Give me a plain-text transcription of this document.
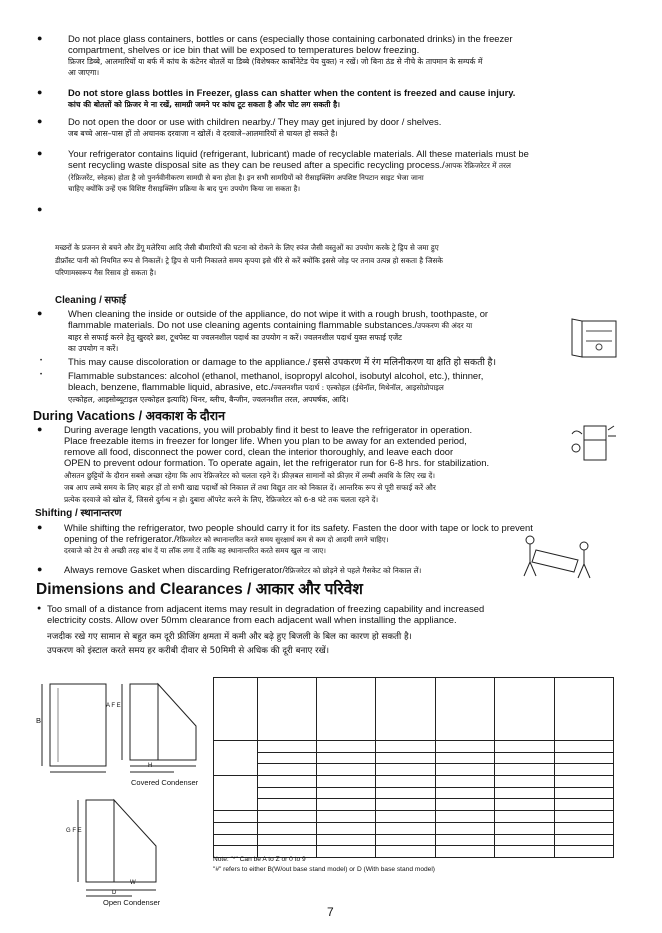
●	Do not place glass containers, bottles or cans (especially those containing carbonated drinks) in the freezer
compartment, shelves or ice bin that will be exposed to temperatures below freezing.
फ्रिजर डिब्बे, आलमारियों या बर्फ में कांच के कंटेनर बोतलें या डिब्बे (विशेषकर कार्बोनेटेड पेय युक्त) न रखें। जो बिना ठंड से नीचे के तापमान के सम्पर्क में
आ जाएगा।
●	Do not store glass bottles in Freezer, glass can shatter when the content is freezed and cause injury.
कांच की बोतलों को फ्रिजर मे ना रखें, सामग्री जमने पर कांच टूट सकता है और चोट लग सकती है।
●	Do not open the door or use with children nearby./ They may get injured by door / shelves.
जब बच्चे आस–पास हों तो अचानक दरवाजा न खोलें। वे दरवाजे–आलमारियों से घायल हो सकते है।
●	Your refrigerator contains liquid (refrigerant, lubricant) made of recyclable materials. All these materials must be
sent recycling waste disposal site as they can be reused after a specific recycling process./आपक रेफ्रिजरेटर में तरल
(रेफ्रिजरेंट, स्नेहक) होता है जो पुनर्नवीनीकरण सामग्री से बना होता है। इन सभी सामग्रियों को रीसाइक्लिंग अपशिष्ट निपटान साइट भेजा जाना
चाहिए क्योंकि उन्हें एक विशिष्ट रीसाइक्लिंग प्रक्रिया के बाद पुनः उपयोग किया जा सकता है।
●
मच्छरों के प्रजनन से बचने और डेंगू मलेरिया आदि जैसी बीमारियों की घटना को रोकने के लिए स्पंज जैसी वस्तुओं का उपयोग करके ट्रे ड्रिप से जमा हुए
डीफ्रॉस्ट पानी को नियमित रूप से निकालें। ट्रे ड्रिप से पानी निकालते समय कृपया इसे धीरे से करें क्योंकि इससे जोड़ पर तनाव उत्पन्न हो सकता है जिसके
परिणामस्वरूप गैस रिसाव हो सकता है।
Cleaning / सफाई
●	When cleaning the inside or outside of the appliance, do not wipe it with a rough brush, toothpaste, or
flammable materials. Do not use cleaning agents containing flammable substances./उपकरण की अंदर या
बाहर से सफाई करने हेतु खुरदरे ब्रश, टूथपेस्ट या ज्वलनशील पदार्थ का उपयोग न करें। ज्वलनशील पदार्थ युक्त सफाई एजेंट
का उपयोग न करें।
•	This may cause discoloration or damage to the appliance./ इससे उपकरण में रंग मलिनीकरण या क्षति हो सकती है।
•	Flammable substances: alcohol (ethanol, methanol, isopropyl alcohol, isobutyl alcohol, etc.), thinner,
bleach, benzene, flammable liquid, abrasive, etc./ज्वलनशील पदार्थ : एल्कोहल (ईथेनॉल, मिथेनॉल, आइसोप्रोपाइल
एल्कोहल, आइसोब्यूटाइल एल्कोहल इत्यादि) थिनर, ब्लीच, बैन्जीन, ज्वलनशील तरल, अपघर्षक, आदि।
During Vacations / अवकाश के दौरान
● During average length vacations, you will probably find it best to leave the refrigerator in operation.
Place freezable items in freezer for longer life. When you plan to be away for an extended period,
remove all food, disconnect the power cord, clean the interior thoroughly, and leave each door
OPEN to prevent odour formation. To operate again, let the refrigerator run for 6-8 hrs. for stabilization.
औसतन छुट्टियों के दौरान सबसे अच्छा रहेगा कि आप रेफ्रिजरेटर को चलता रहने दें। फ्रीज़बल सामानों को फ्रीज़र में लम्बी अवधि के लिए रख दें।
जब आप लम्बे समय के लिए बाहर हों तो सभी खाद्य पदार्थों को निकाल लें तथा विद्युत तार को निकाल दें। आन्तरिक रूप से पूरी सफाई करें और
प्रत्येक दरवाजे को खोल दें, जिससे दुर्गन्ध न हो। दुबारा ऑपरेट करने के लिए, रेफ्रिजरेटर को 6-8 घंटे तक चलता रहने दें।
Shifting / स्थानान्तरण
● While shifting the refrigerator, two people should carry it for its safety. Fasten the door with tape or lock to prevent
opening of the refrigerator./रेफ्रिजरेटर को स्थानान्तरित करते समय सुरक्षार्थ कम से कम दो आदमी लगने चाहिए।
दरवाजे को टेप से अच्छी तरह बांध दें या लॉक लगा दें ताकि वह स्थानान्तरित करते समय खुल ना जाए।
● Always remove Gasket when discarding Refrigerator/रेफ्रिजरेटर को छोड़ने से पहले गैसकेट को निकाल लें।
Dimensions and Clearances / आकार और परिवेश
● Too small of a distance from adjacent items may result in degradation of freezing capability and increased
electricity costs. Allow over 50mm clearance from each adjacent wall when installing the appliance.
नजदीक रखे गए सामान से बहुत कम दूरी फ्रीजिंग क्षमता में कमी और बढ़े हुए बिजली के बिल का कारण हो सकती है।
उपकरण को इंस्टाल करते समय हर करीबी दीवार से 50मिमी से अधिक की दूरी बनाए रखें।
B
A F E
H
Covered Condenser
G F E
W
D
Open Condenser

Note: "*" Can be A to Z or 0 to 9
"#" refers to either B(W/out base stand model) or D (With base stand model)
7
